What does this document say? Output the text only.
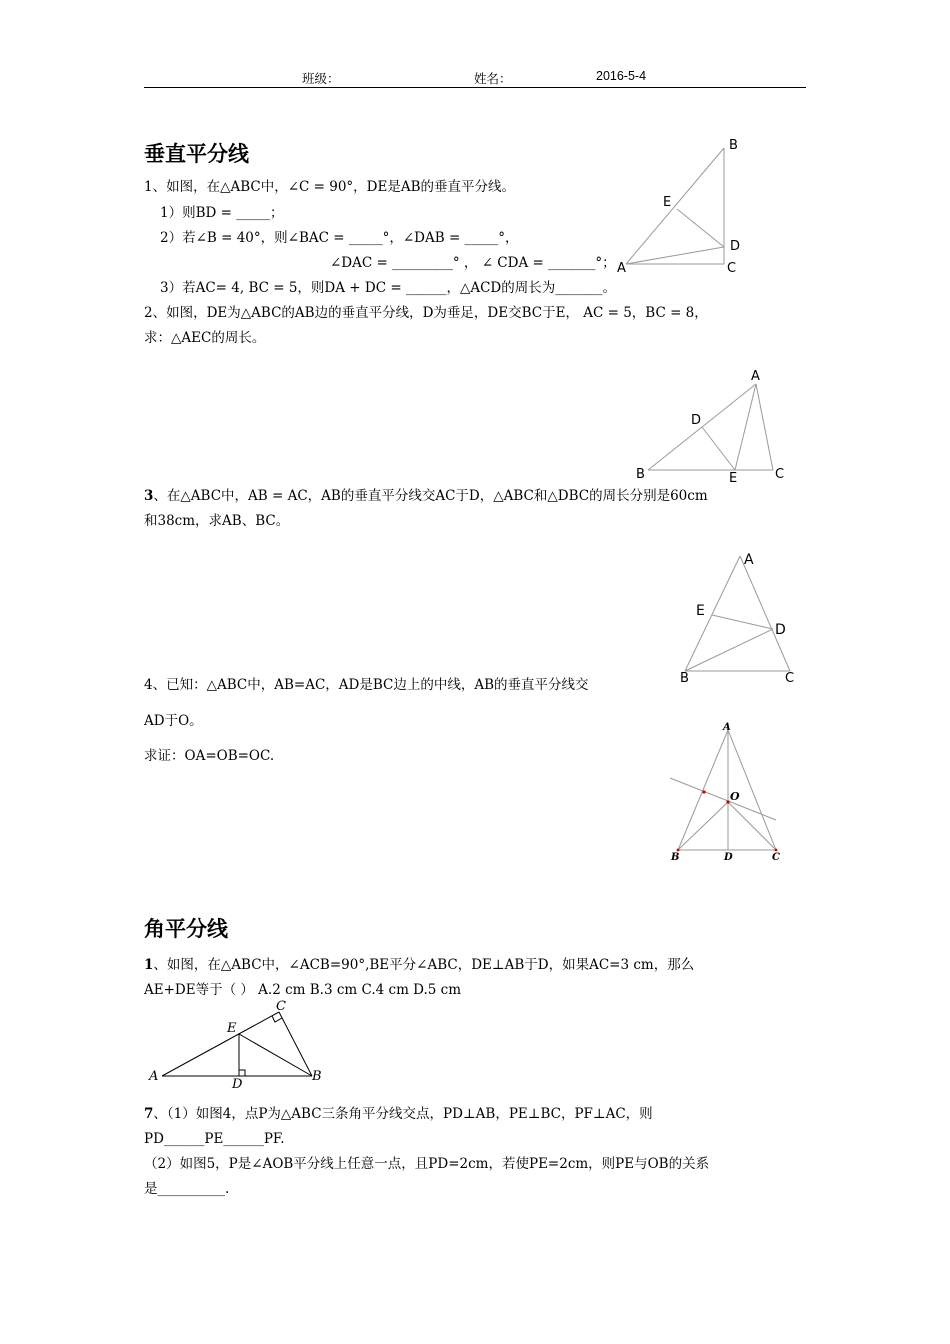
班级：	姓名：	2016-5-4
垂直平分线
1、如图，在△ABC中，∠C = 90°，DE是AB的垂直平分线。
1）则BD = _____；
2）若∠B = 40°，则∠BAC = _____°，∠DAB = _____°，
∠DAC = _________° ， ∠ CDA = _______°；
3）若AC= 4, BC = 5，则DA + DC = ______，△ACD的周长为_______。
2、如图，DE为△ABC的AB边的垂直平分线，D为垂足，DE交BC于E， AC = 5，BC = 8，
求：△AEC的周长。
3、在△ABC中，AB = AC，AB的垂直平分线交AC于D，△ABC和△DBC的周长分别是60cm
和38cm，求AB、BC。
4、已知：△ABC中，AB=AC，AD是BC边上的中线，AB的垂直平分线交
AD于O。
求证：OA=OB=OC.
B
E
D
A	C
A
D
B	E	C
A
E
D
B	C
A
O
B	D	C
角平分线
1、如图，在△ABC中，∠ACB=90°,BE平分∠ABC，DE⊥AB于D，如果AC=3 cm，那么
AE+DE等于（ ） A.2 cm B.3 cm C.4 cm D.5 cm
A
E
C
D
B
7、（1）如图4，点P为△ABC三条角平分线交点，PD⊥AB，PE⊥BC，PF⊥AC，则
PD______PE______PF.
（2）如图5，P是∠AOB平分线上任意一点，且PD=2cm，若使PE=2cm，则PE与OB的关系
是__________.
